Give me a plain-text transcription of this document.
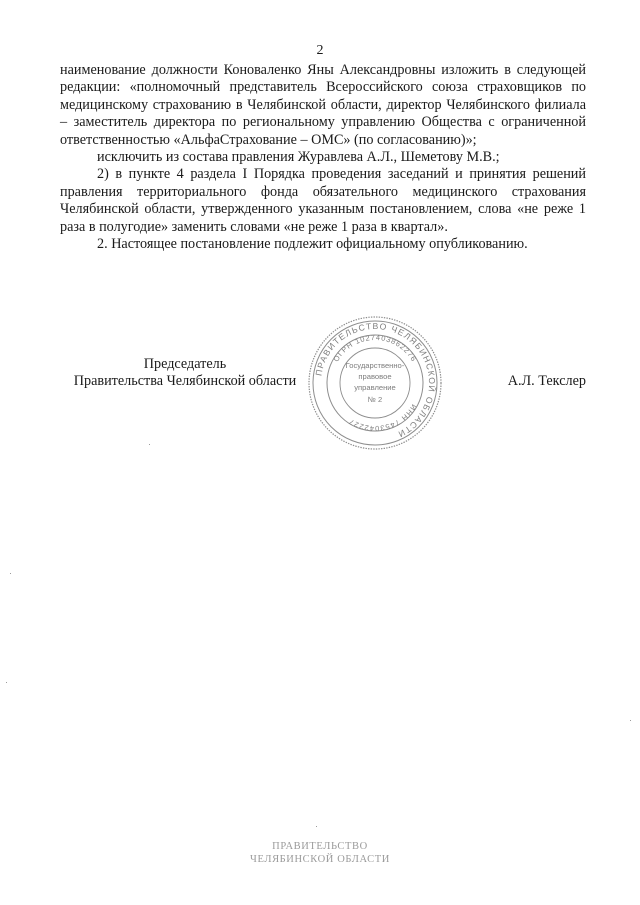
2

наименование должности Коноваленко Яны Александровны изложить в следующей редакции: «полномочный представитель Всероссийского союза страховщиков по медицинскому страхованию в Челябинской области, директор Челябинского филиала – заместитель директора по региональному управлению Общества с ограниченной ответственностью «АльфаСтрахование – ОМС» (по согласованию)»;

исключить из состава правления Журавлева А.Л., Шеметову М.В.;

2) в пункте 4 раздела I Порядка проведения заседаний и принятия решений правления территориального фонда обязательного медицинского страхования Челябинской области, утвержденного указанным постановлением, слова «не реже 1 раза в полугодие» заменить словами «не реже 1 раза в квартал».

2. Настоящее постановление подлежит официальному опубликованию.

Председатель
Правительства Челябинской области	А.Л. Текслер
ПРАВИТЕЛЬСТВО ЧЕЛЯБИНСКОЙ ОБЛАСТИ
ОГРН 1027403862276
ИНН 7453042227
Государственно-
правовое
управление
№ 2
ПРАВИТЕЛЬСТВО
ЧЕЛЯБИНСКОЙ ОБЛАСТИ
